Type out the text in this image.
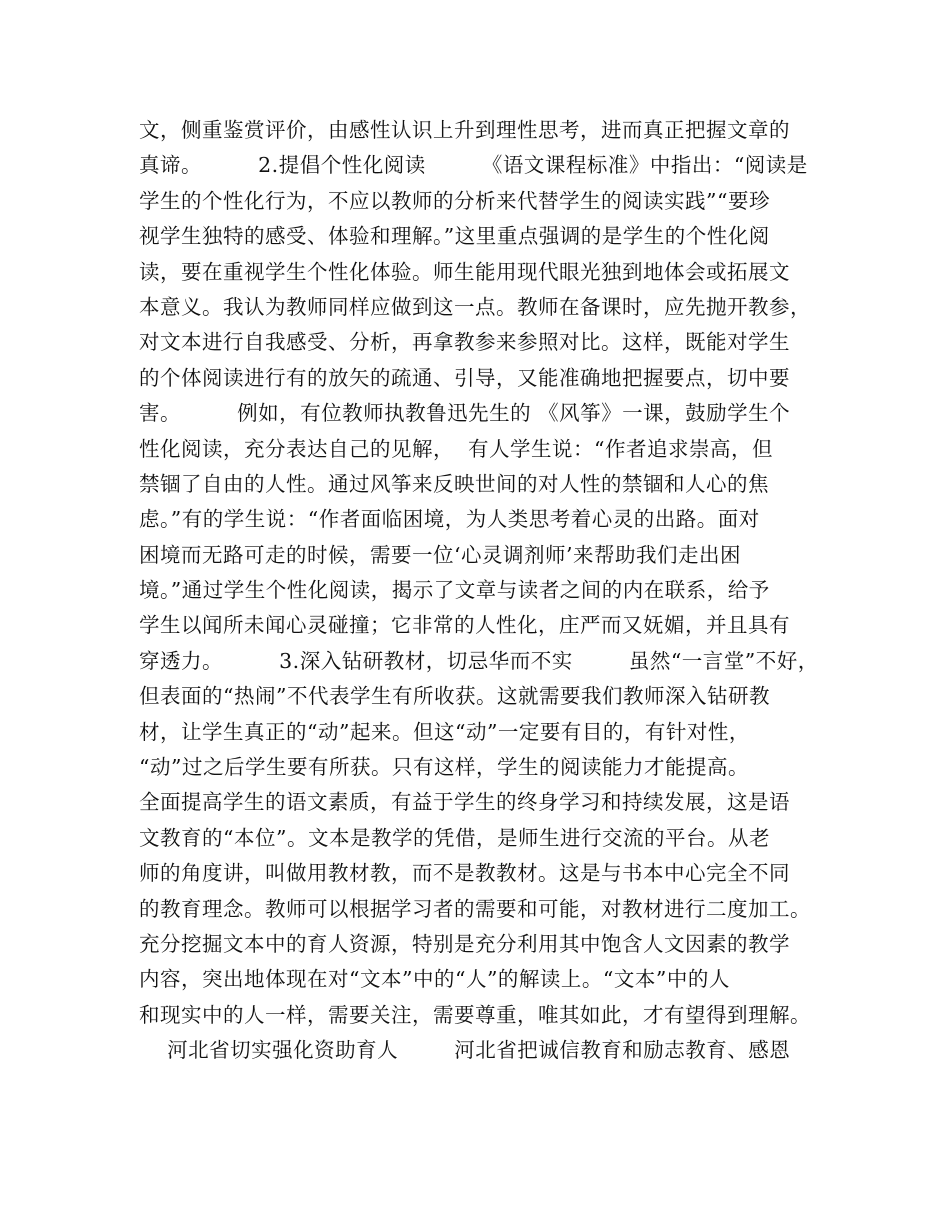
文，侧重鉴赏评价，由感性认识上升到理性思考，进而真正把握文章的
真谛。        2.提倡个性化阅读        《语文课程标准》中指出：“阅读是
学生的个性化行为，不应以教师的分析来代替学生的阅读实践”“要珍
视学生独特的感受、体验和理解。”这里重点强调的是学生的个性化阅
读，要在重视学生个性化体验。师生能用现代眼光独到地体会或拓展文
本意义。我认为教师同样应做到这一点。教师在备课时，应先抛开教参，
对文本进行自我感受、分析，再拿教参来参照对比。这样，既能对学生
的个体阅读进行有的放矢的疏通、引导，又能准确地把握要点，切中要
害。        例如，有位教师执教鲁迅先生的 《风筝》一课，鼓励学生个
性化阅读，充分表达自己的见解，  有人学生说：“作者追求崇高，但
禁锢了自由的人性。通过风筝来反映世间的对人性的禁锢和人心的焦
虑。”有的学生说：“作者面临困境，为人类思考着心灵的出路。面对
困境而无路可走的时候，需要一位‘心灵调剂师’来帮助我们走出困
境。”通过学生个性化阅读，揭示了文章与读者之间的内在联系，给予
学生以闻所未闻心灵碰撞；它非常的人性化，庄严而又妩媚，并且具有
穿透力。        3.深入钻研教材，切忌华而不实        虽然“一言堂”不好，
但表面的“热闹”不代表学生有所收获。这就需要我们教师深入钻研教
材，让学生真正的“动”起来。但这“动”一定要有目的，有针对性，
“动”过之后学生要有所获。只有这样，学生的阅读能力才能提高。
全面提高学生的语文素质，有益于学生的终身学习和持续发展，这是语
文教育的“本位”。文本是教学的凭借，是师生进行交流的平台。从老
师的角度讲，叫做用教材教，而不是教教材。这是与书本中心完全不同
的教育理念。教师可以根据学习者的需要和可能，对教材进行二度加工。
充分挖掘文本中的育人资源，特别是充分利用其中饱含人文因素的教学
内容，突出地体现在对“文本”中的“人”的解读上。“文本”中的人
和现实中的人一样，需要关注，需要尊重，唯其如此，才有望得到理解。
河北省切实强化资助育人        河北省把诚信教育和励志教育、感恩
